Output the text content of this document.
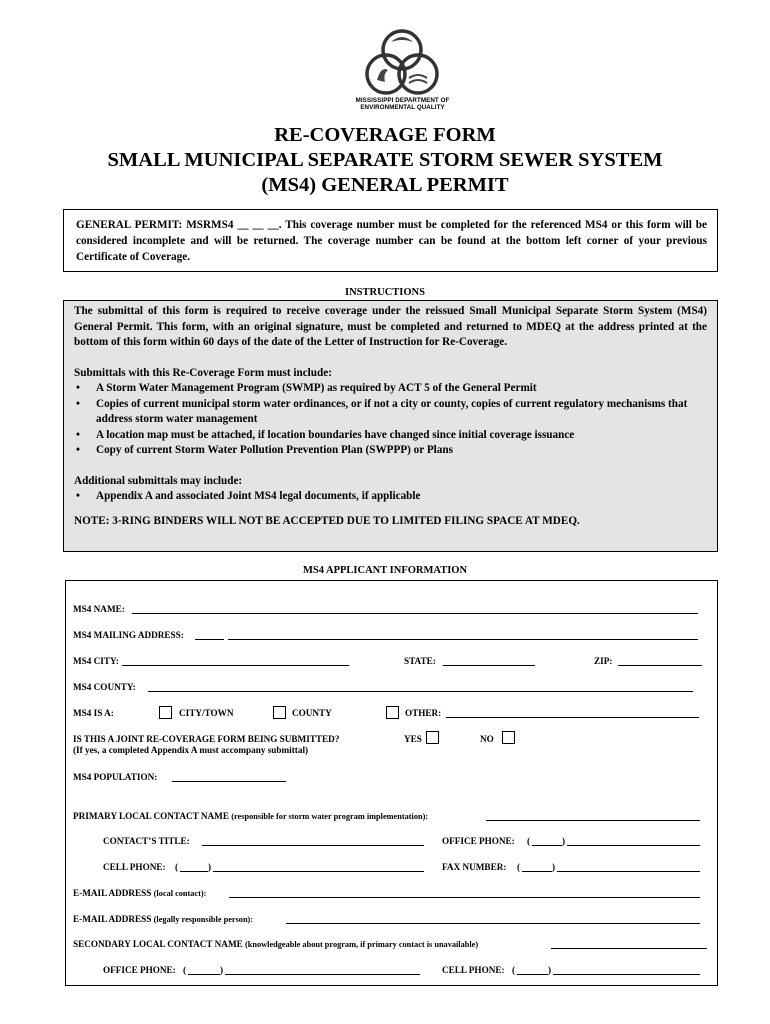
MISSISSIPPI DEPARTMENT OF
ENVIRONMENTAL QUALITY
RE-COVERAGE FORM
SMALL MUNICIPAL SEPARATE STORM SEWER SYSTEM
(MS4) GENERAL PERMIT
GENERAL PERMIT: MSRMS4 __ __ __. This coverage number must be completed for the referenced MS4 or this form will be considered incomplete and will be returned. The coverage number can be found at the bottom left corner of your previous Certificate of Coverage.
INSTRUCTIONS

The submittal of this form is required to receive coverage under the reissued Small Municipal Separate Storm System (MS4) General Permit. This form, with an original signature, must be completed and returned to MDEQ at the address printed at the bottom of this form within 60 days of the date of the Letter of Instruction for Re-Coverage.

Submittals with this Re-Coverage Form must include:

• A Storm Water Management Program (SWMP) as required by ACT 5 of the General Permit
• Copies of current municipal storm water ordinances, or if not a city or county, copies of current regulatory mechanisms that address storm water management
• A location map must be attached, if location boundaries have changed since initial coverage issuance
• Copy of current Storm Water Pollution Prevention Plan (SWPPP) or Plans

Additional submittals may include:

• Appendix A and associated Joint MS4 legal documents, if applicable

NOTE: 3-RING BINDERS WILL NOT BE ACCEPTED DUE TO LIMITED FILING SPACE AT MDEQ.

MS4 APPLICANT INFORMATION
MS4 NAME:
MS4 MAILING ADDRESS:
MS4 CITY:	STATE:	ZIP:
MS4 COUNTY:
MS4 IS A:	CITY/TOWN	COUNTY	OTHER:
IS THIS A JOINT RE-COVERAGE FORM BEING SUBMITTED?
(If yes, a completed Appendix A must accompany submittal)
YES	NO
MS4 POPULATION:
PRIMARY LOCAL CONTACT NAME (responsible for storm water program implementation):
CONTACT’S TITLE:	OFFICE PHONE: (	)
CELL PHONE: (	)	FAX NUMBER: (	)
E-MAIL ADDRESS (local contact):
E-MAIL ADDRESS (legally responsible person):
SECONDARY LOCAL CONTACT NAME (knowledgeable about program, if primary contact is unavailable)
OFFICE PHONE: (	)	CELL PHONE: (	)
